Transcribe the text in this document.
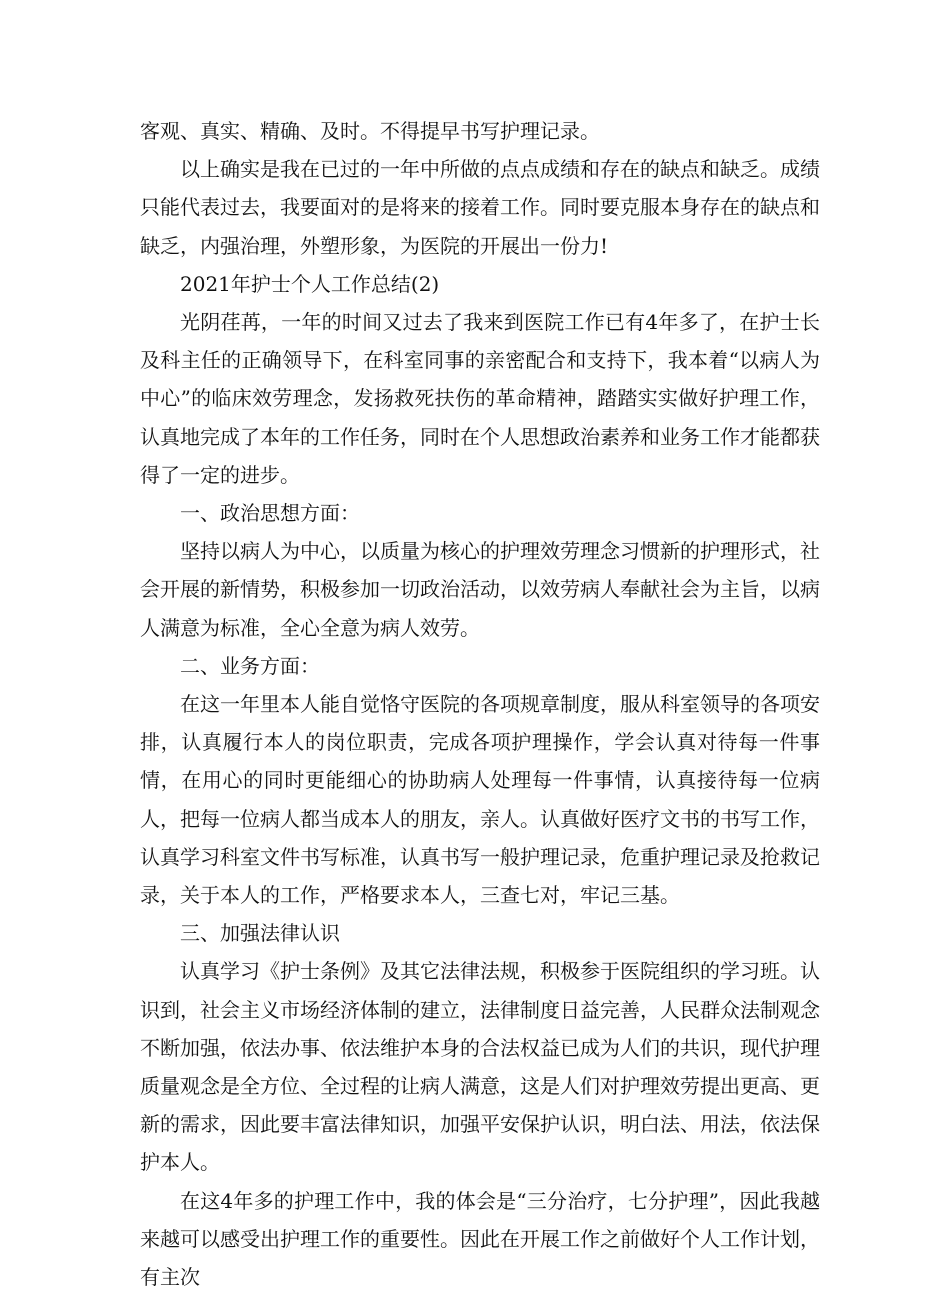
客观、真实、精确、及时。不得提早书写护理记录。

以上确实是我在已过的一年中所做的点点成绩和存在的缺点和缺乏。成绩只能代表过去，我要面对的是将来的接着工作。同时要克服本身存在的缺点和缺乏，内强治理，外塑形象，为医院的开展出一份力!

2021年护士个人工作总结(2)

光阴荏苒，一年的时间又过去了我来到医院工作已有4年多了，在护士长及科主任的正确领导下，在科室同事的亲密配合和支持下，我本着“以病人为中心”的临床效劳理念，发扬救死扶伤的革命精神，踏踏实实做好护理工作，认真地完成了本年的工作任务，同时在个人思想政治素养和业务工作才能都获得了一定的进步。

一、政治思想方面：

坚持以病人为中心，以质量为核心的护理效劳理念习惯新的护理形式，社会开展的新情势，积极参加一切政治活动，以效劳病人奉献社会为主旨，以病人满意为标准，全心全意为病人效劳。

二、业务方面：

在这一年里本人能自觉恪守医院的各项规章制度，服从科室领导的各项安排，认真履行本人的岗位职责，完成各项护理操作，学会认真对待每一件事情，在用心的同时更能细心的协助病人处理每一件事情，认真接待每一位病人，把每一位病人都当成本人的朋友，亲人。认真做好医疗文书的书写工作，认真学习科室文件书写标准，认真书写一般护理记录，危重护理记录及抢救记录，关于本人的工作，严格要求本人，三查七对，牢记三基。

三、加强法律认识

认真学习《护士条例》及其它法律法规，积极参于医院组织的学习班。认识到，社会主义市场经济体制的建立，法律制度日益完善，人民群众法制观念不断加强，依法办事、依法维护本身的合法权益已成为人们的共识，现代护理质量观念是全方位、全过程的让病人满意，这是人们对护理效劳提出更高、更新的需求，因此要丰富法律知识，加强平安保护认识，明白法、用法，依法保护本人。

在这4年多的护理工作中，我的体会是“三分治疗，七分护理”，因此我越来越可以感受出护理工作的重要性。因此在开展工作之前做好个人工作计划，有主次
